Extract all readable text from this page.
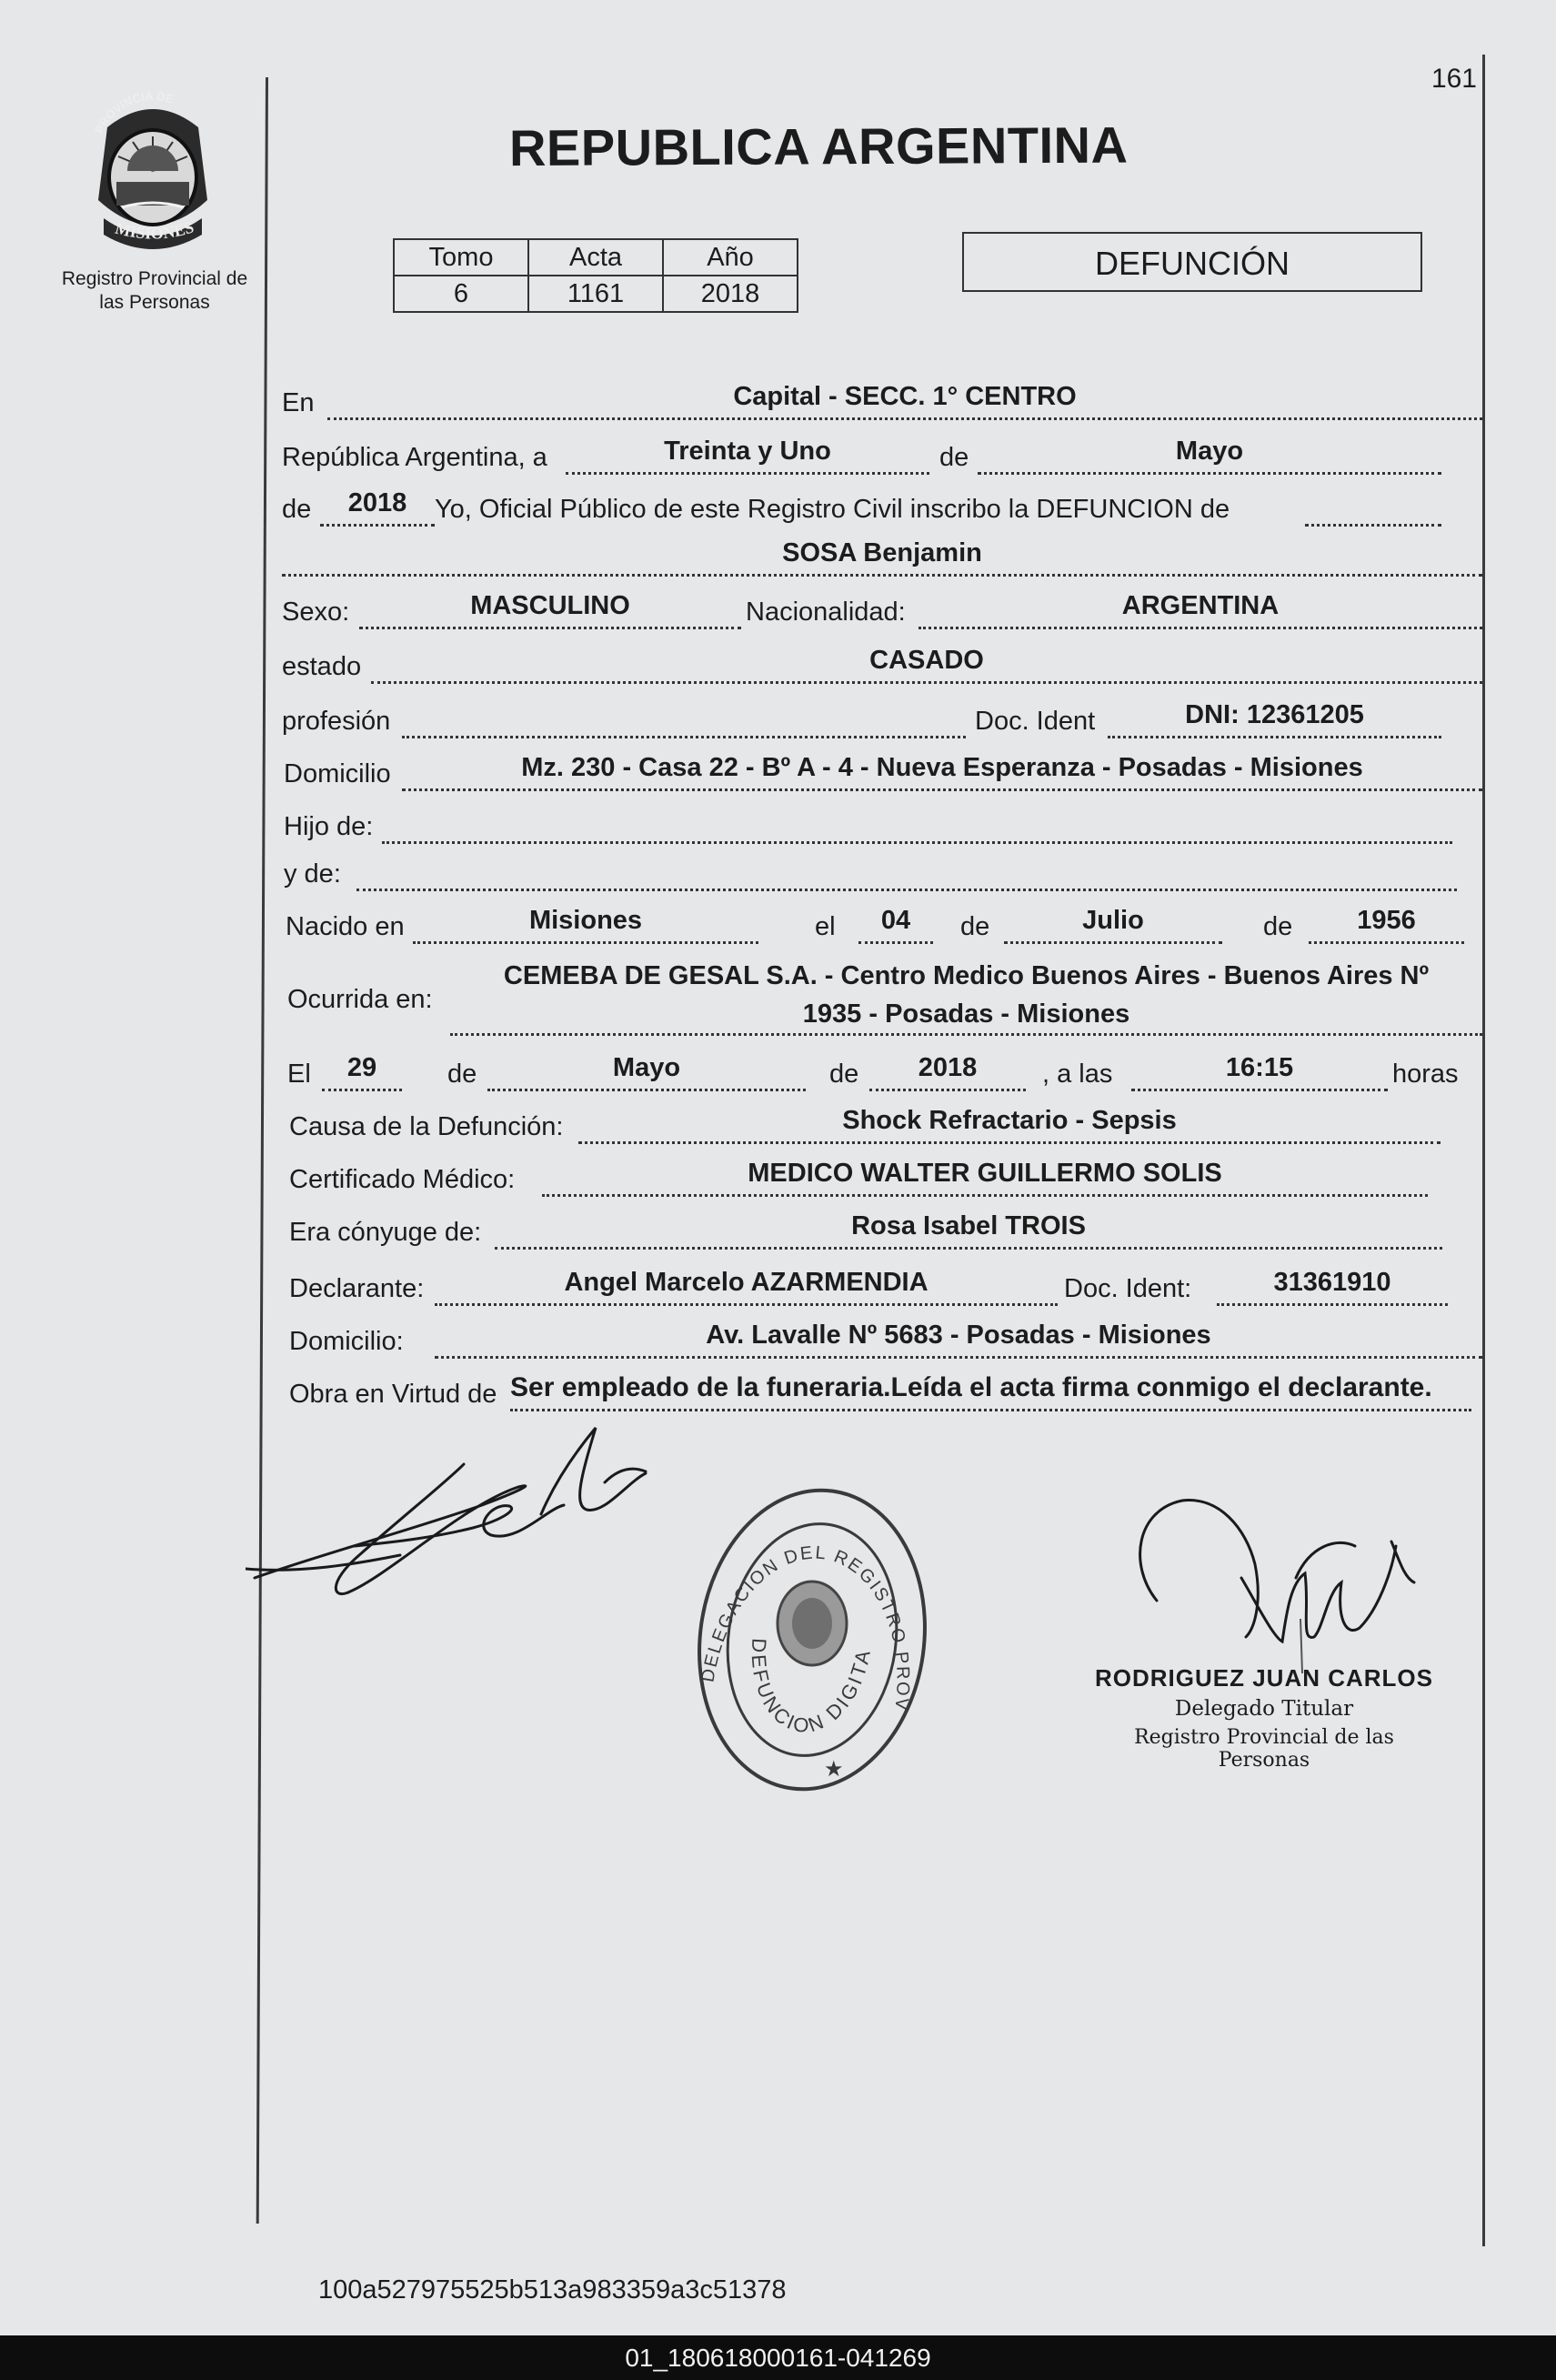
161
PROVINCIA DE
MISIONES
Registro Provincial de
las Personas
REPUBLICA ARGENTINA
Tomo	Acta	Año
6	1161	2018
DEFUNCIÓN
En	Capital - SECC. 1° CENTRO
República Argentina, a	Treinta y Uno	de	Mayo
de	2018	Yo, Oficial Público de este Registro Civil inscribo la DEFUNCION de
SOSA Benjamin
Sexo:	MASCULINO	Nacionalidad:	ARGENTINA
estado	CASADO
profesión	Doc. Ident	DNI: 12361205
Domicilio	Mz. 230 - Casa 22 - Bº A - 4 - Nueva Esperanza - Posadas - Misiones
Hijo de:
y de:
Nacido en	Misiones	el	04	de	Julio	de	1956
Ocurrida en:
CEMEBA DE GESAL S.A. - Centro Medico Buenos Aires - Buenos Aires Nº
1935 - Posadas - Misiones
El	29	de	Mayo	de	2018	, a las	16:15	horas
Causa de la Defunción:	Shock Refractario - Sepsis
Certificado Médico:	MEDICO WALTER GUILLERMO SOLIS
Era cónyuge de:	Rosa Isabel TROIS
Declarante:	Angel Marcelo AZARMENDIA	Doc. Ident:	31361910
Domicilio:	Av. Lavalle Nº 5683 - Posadas - Misiones
Obra en Virtud de Ser empleado de la funeraria.Leída el acta firma conmigo el declarante.
DELEGACION DEL REGISTRO PROVINCIAL
DEFUNCION DIGITAL
★
RODRIGUEZ JUAN CARLOS
Delegado Titular
Registro Provincial de las Personas
100a527975525b513a983359a3c51378
01_180618000161-041269
